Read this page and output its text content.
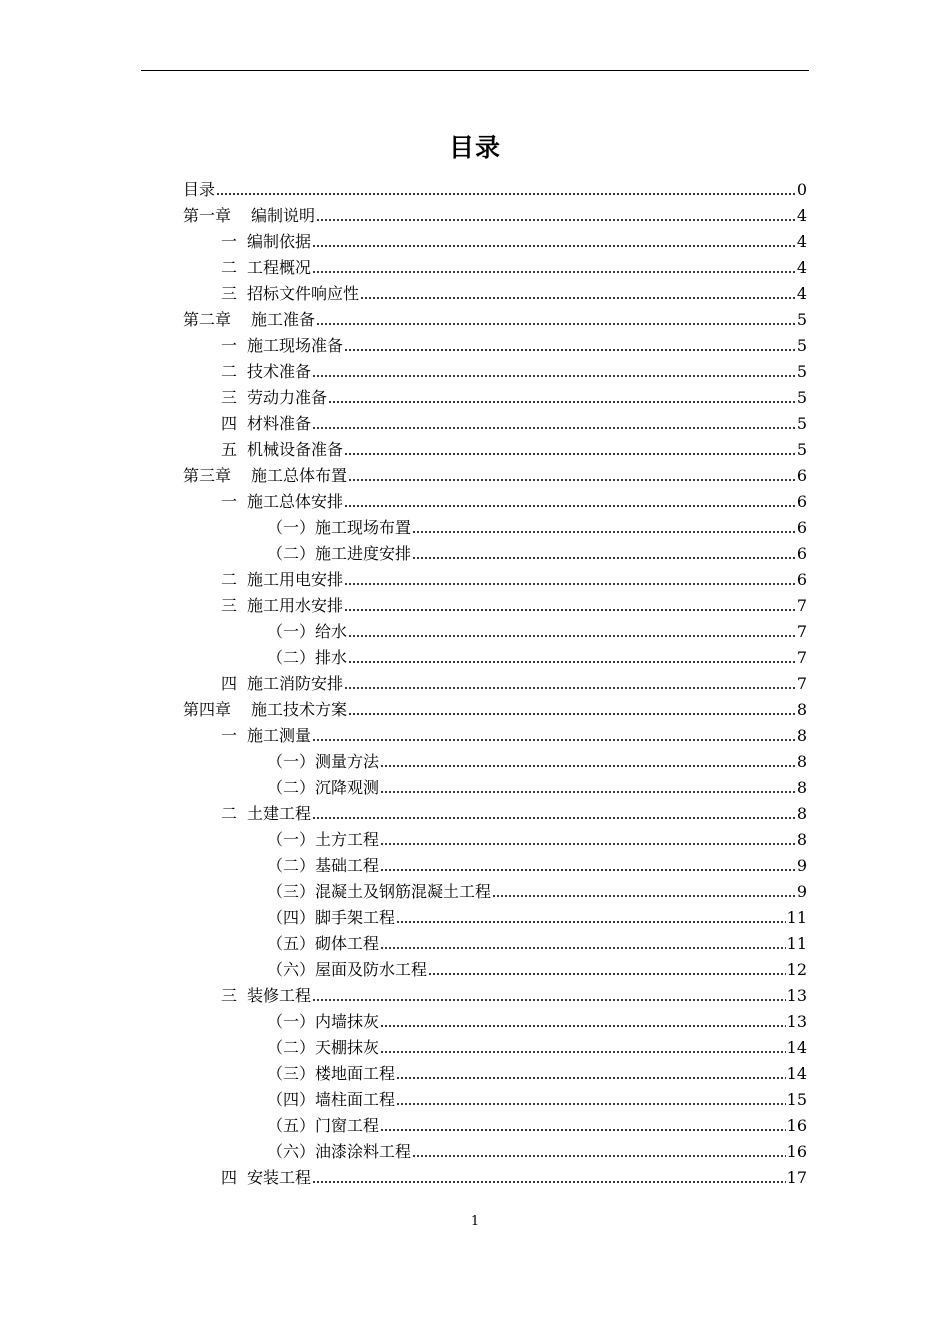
目录
目录	0
第一章 编制说明	4
一 编制依据	4
二 工程概况	4
三 招标文件响应性	4
第二章 施工准备	5
一 施工现场准备	5
二 技术准备	5
三 劳动力准备	5
四 材料准备	5
五 机械设备准备	5
第三章 施工总体布置	6
一 施工总体安排	6
（一） 施工现场布置	6
（二） 施工进度安排	6
二 施工用电安排	6
三 施工用水安排	7
（一） 给水	7
（二） 排水	7
四 施工消防安排	7
第四章 施工技术方案	8
一 施工测量	8
（一） 测量方法	8
（二） 沉降观测	8
二 土建工程	8
（一） 土方工程	8
（二） 基础工程	9
（三） 混凝土及钢筋混凝土工程	9
（四） 脚手架工程	11
（五） 砌体工程	11
（六） 屋面及防水工程	12
三 装修工程	13
（一） 内墙抹灰	13
（二） 天棚抹灰	14
（三） 楼地面工程	14
（四） 墙柱面工程	15
（五） 门窗工程	16
（六） 油漆涂料工程	16
四 安装工程	17
1
